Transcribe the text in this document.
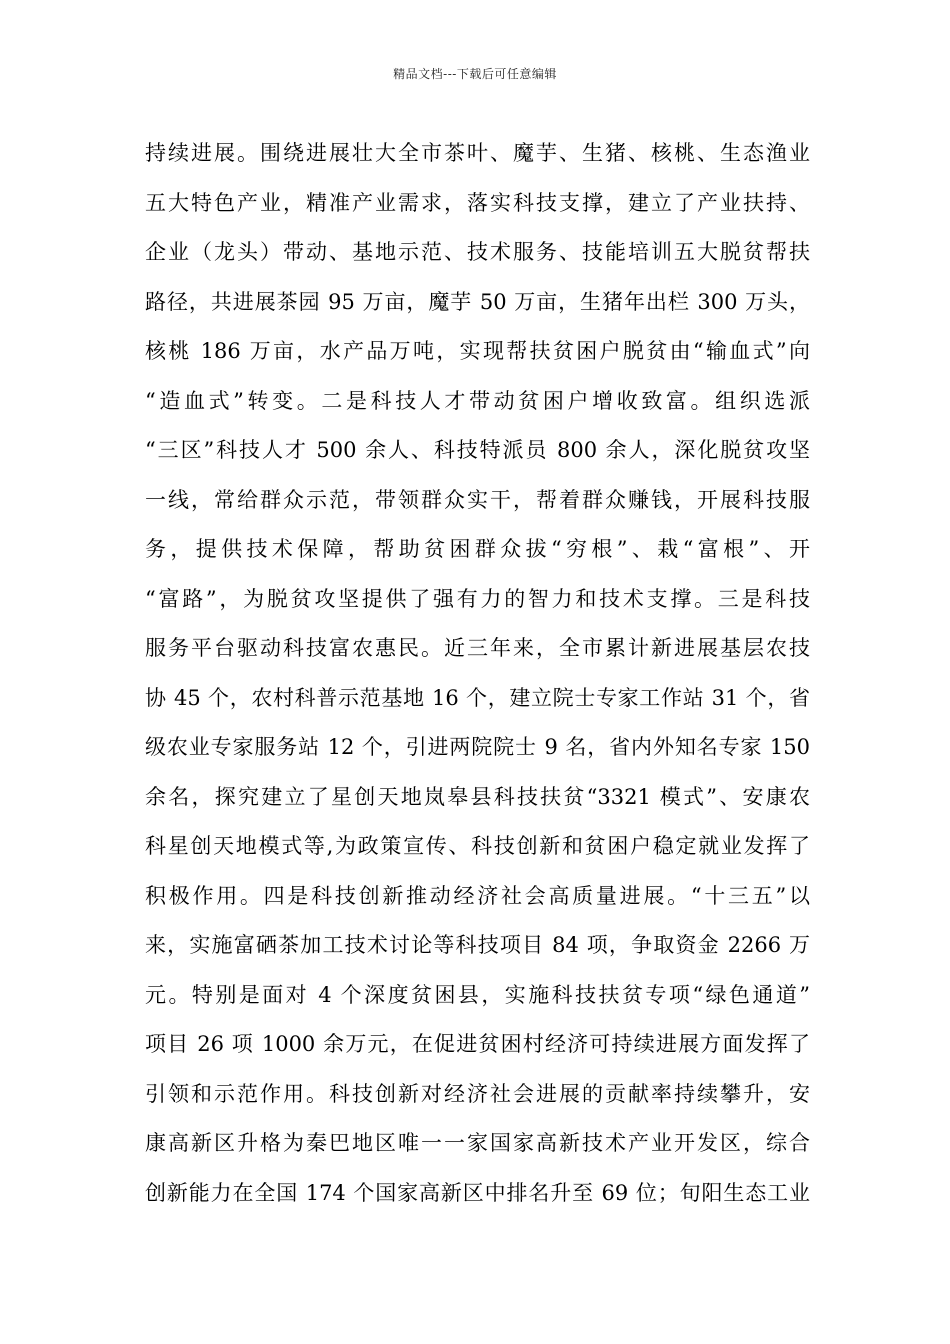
精品文档---下载后可任意编辑
持续进展。围绕进展壮大全市茶叶、魔芋、生猪、核桃、生态渔业
五大特色产业，精准产业需求，落实科技支撑，建立了产业扶持、
企业（龙头）带动、基地示范、技术服务、技能培训五大脱贫帮扶
路径，共进展茶园 95 万亩，魔芋 50 万亩，生猪年出栏 300 万头，
核桃 186 万亩，水产品万吨，实现帮扶贫困户脱贫由“输血式”向
“造血式”转变。二是科技人才带动贫困户增收致富。组织选派
“三区”科技人才 500 余人、科技特派员 800 余人，深化脱贫攻坚
一线，常给群众示范，带领群众实干，帮着群众赚钱，开展科技服
务，提供技术保障，帮助贫困群众拔“穷根”、栽“富根”、开
“富路”，为脱贫攻坚提供了强有力的智力和技术支撑。三是科技
服务平台驱动科技富农惠民。近三年来，全市累计新进展基层农技
协 45 个，农村科普示范基地 16 个，建立院士专家工作站 31 个，省
级农业专家服务站 12 个，引进两院院士 9 名，省内外知名专家 150
余名，探究建立了星创天地岚皋县科技扶贫“3321 模式”、安康农
科星创天地模式等,为政策宣传、科技创新和贫困户稳定就业发挥了
积极作用。四是科技创新推动经济社会高质量进展。“十三五”以
来，实施富硒茶加工技术讨论等科技项目 84 项，争取资金 2266 万
元。特别是面对 4 个深度贫困县，实施科技扶贫专项“绿色通道”
项目 26 项 1000 余万元，在促进贫困村经济可持续进展方面发挥了
引领和示范作用。科技创新对经济社会进展的贡献率持续攀升，安
康高新区升格为秦巴地区唯一一家国家高新技术产业开发区，综合
创新能力在全国 174 个国家高新区中排名升至 69 位；旬阳生态工业
